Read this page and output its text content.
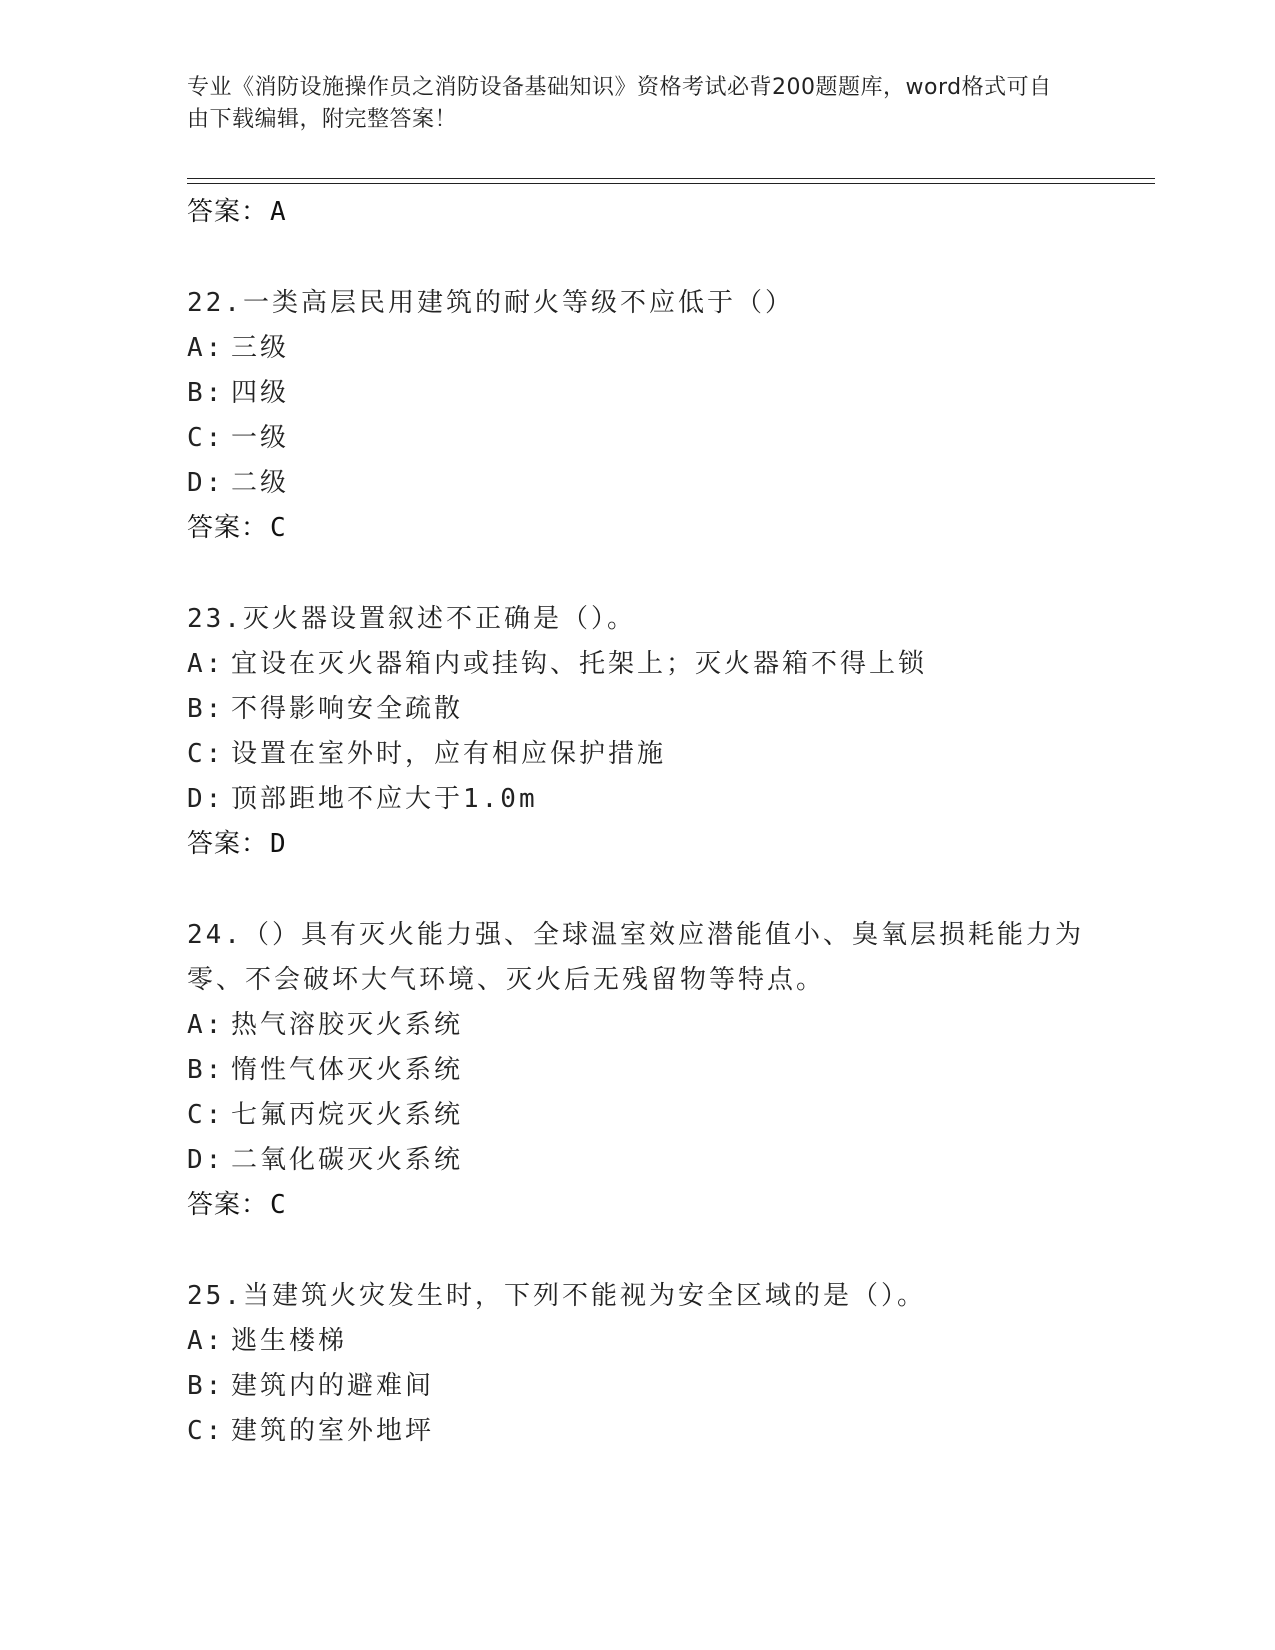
专业《消防设施操作员之消防设备基础知识》资格考试必背200题题库，word格式可自由下载编辑，附完整答案！
答案：A
22.一类高层民用建筑的耐火等级不应低于（）
A: 三级
B: 四级
C: 一级
D: 二级
答案：C
23.灭火器设置叙述不正确是（）。
A: 宜设在灭火器箱内或挂钩、托架上；灭火器箱不得上锁
B: 不得影响安全疏散
C: 设置在室外时，应有相应保护措施
D: 顶部距地不应大于1.0m
答案：D
24.（）具有灭火能力强、全球温室效应潜能值小、臭氧层损耗能力为零、不会破坏大气环境、灭火后无残留物等特点。
A: 热气溶胶灭火系统
B: 惰性气体灭火系统
C: 七氟丙烷灭火系统
D: 二氧化碳灭火系统
答案：C
25.当建筑火灾发生时，下列不能视为安全区域的是（）。
A: 逃生楼梯
B: 建筑内的避难间
C: 建筑的室外地坪
